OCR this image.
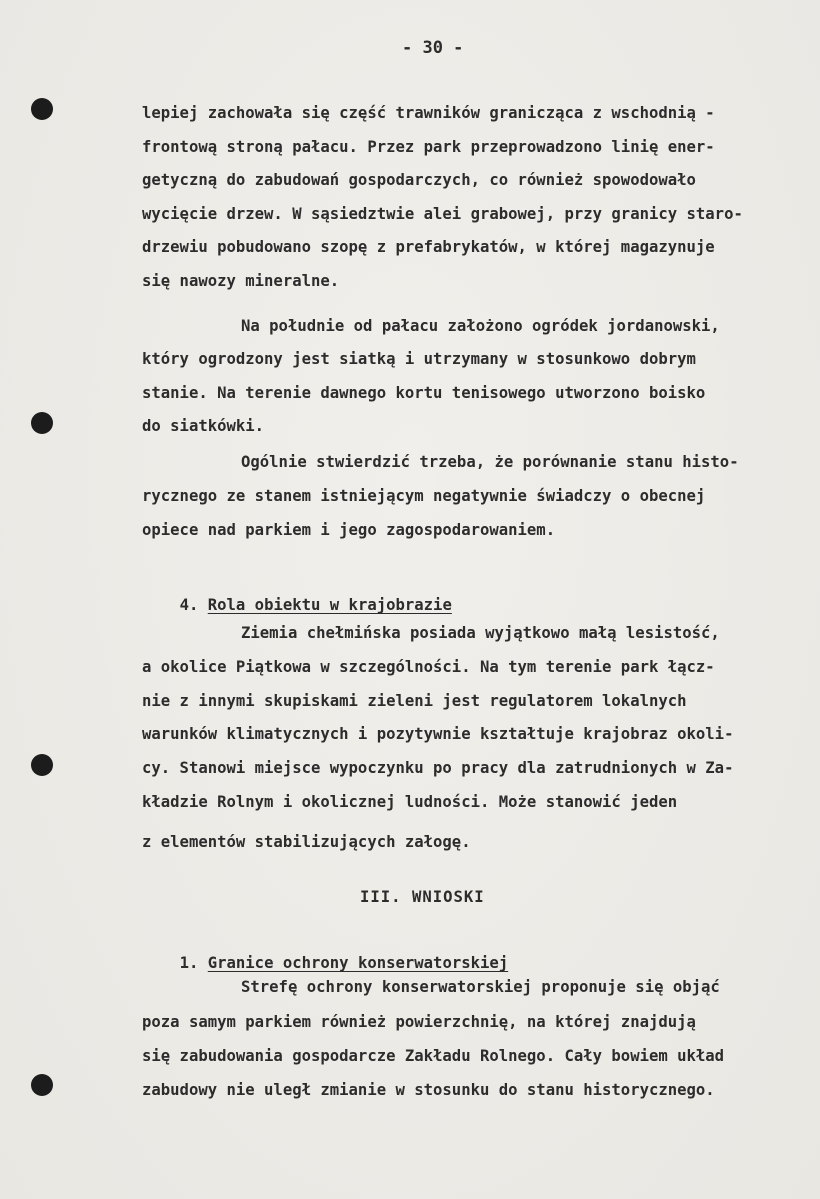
- 30 -
lepiej zachowała się część trawników granicząca z wschodnią -
frontową stroną pałacu. Przez park przeprowadzono linię ener-
getyczną do zabudowań gospodarczych, co również spowodowało
wycięcie drzew. W sąsiedztwie alei grabowej, przy granicy staro-
drzewiu pobudowano szopę z prefabrykatów, w której magazynuje
się nawozy mineralne.
Na południe od pałacu założono ogródek jordanowski,
który ogrodzony jest siatką i utrzymany w stosunkowo dobrym
stanie. Na terenie dawnego kortu tenisowego utworzono boisko
do siatkówki.
Ogólnie stwierdzić trzeba, że porównanie stanu histo-
rycznego ze stanem istniejącym negatywnie świadczy o obecnej
opiece nad parkiem i jego zagospodarowaniem.

4. Rola obiektu w krajobrazie

Ziemia chełmińska posiada wyjątkowo małą lesistość,
a okolice Piątkowa w szczególności. Na tym terenie park łącz-
nie z innymi skupiskami zieleni jest regulatorem lokalnych
warunków klimatycznych i pozytywnie kształtuje krajobraz okoli-
cy. Stanowi miejsce wypoczynku po pracy dla zatrudnionych w Za-
kładzie Rolnym i okolicznej ludności. Może stanowić jeden
z elementów stabilizujących załogę.
III. WNIOSKI

1. Granice ochrony konserwatorskiej

Strefę ochrony konserwatorskiej proponuje się objąć
poza samym parkiem również powierzchnię, na której znajdują
się zabudowania gospodarcze Zakładu Rolnego. Cały bowiem układ
zabudowy nie uległ zmianie w stosunku do stanu historycznego.
